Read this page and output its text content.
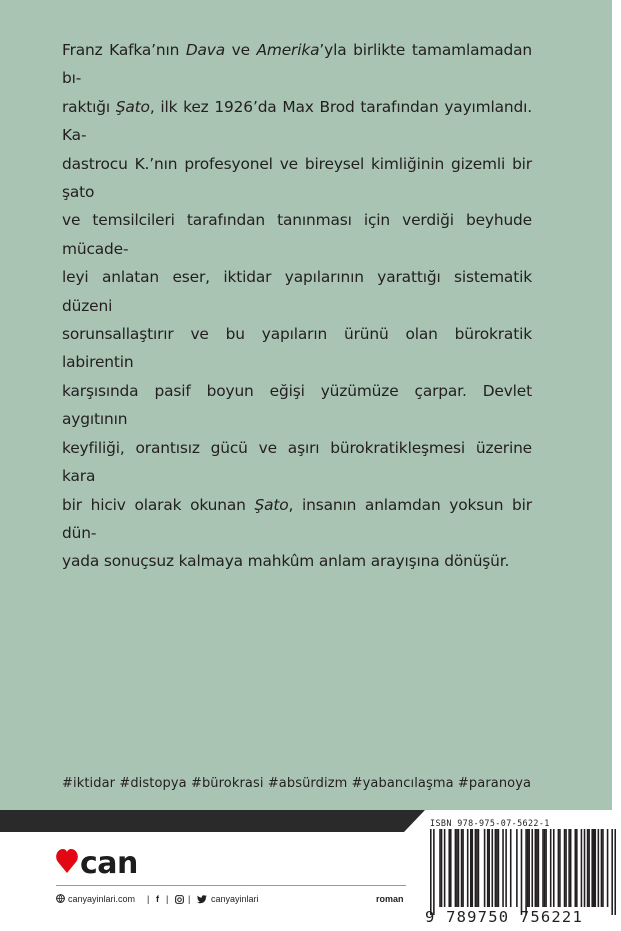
Franz Kafka’nın Dava ve Amerika’yla birlikte tamamlamadan bı-
raktığı Şato, ilk kez 1926’da Max Brod tarafından yayımlandı. Ka-
dastrocu K.’nın profesyonel ve bireysel kimliğinin gizemli bir şato
ve temsilcileri tarafından tanınması için verdiği beyhude mücade-
leyi anlatan eser, iktidar yapılarının yarattığı sistematik düzeni
sorunsallaştırır ve bu yapıların ürünü olan bürokratik labirentin
karşısında pasif boyun eğişi yüzümüze çarpar. Devlet aygıtının
keyfiliği, orantısız gücü ve aşırı bürokratikleşmesi üzerine kara
bir hiciv olarak okunan Şato, insanın anlamdan yoksun bir dün-
yada sonuçsuz kalmaya mahkûm anlam arayışına dönüşür.

#iktidar #distopya #bürokrasi #absürdizm #yabancılaşma #paranoya
can
canyayinlari.com | f | | canyayinlari	roman
ISBN 978-975-07-5622-1
9 789750 756221
